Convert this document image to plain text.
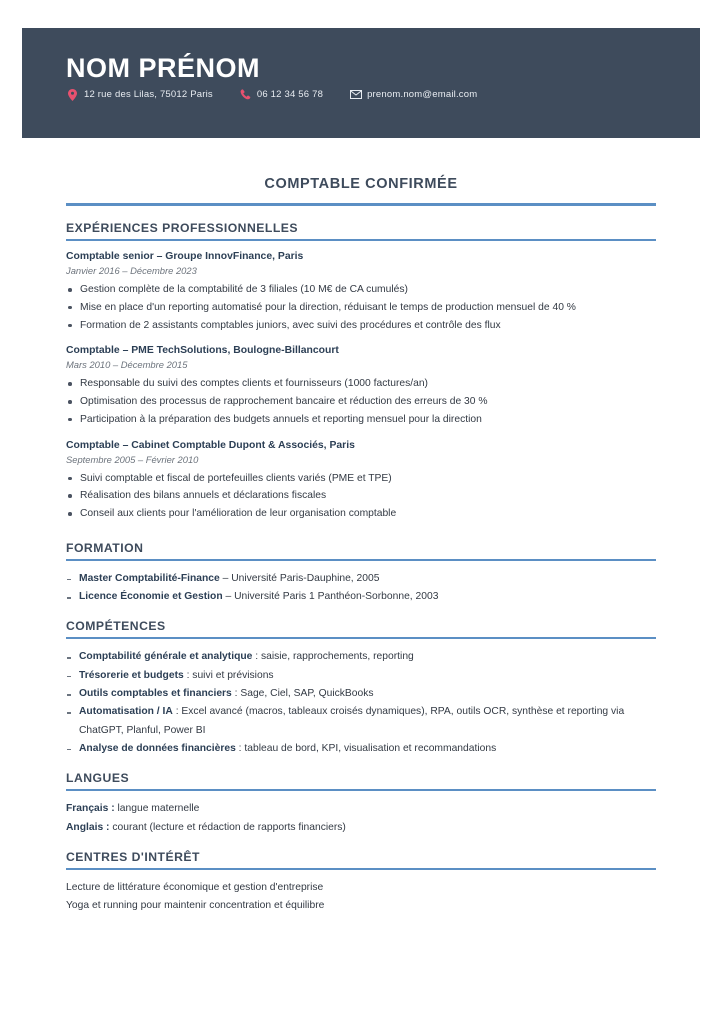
NOM PRÉNOM
12 rue des Lilas, 75012 Paris	06 12 34 56 78	prenom.nom@email.com
COMPTABLE CONFIRMÉE
EXPÉRIENCES PROFESSIONNELLES
Comptable senior – Groupe InnovFinance, Paris
Janvier 2016 – Décembre 2023
Gestion complète de la comptabilité de 3 filiales (10 M€ de CA cumulés)
Mise en place d'un reporting automatisé pour la direction, réduisant le temps de production mensuel de 40 %
Formation de 2 assistants comptables juniors, avec suivi des procédures et contrôle des flux
Comptable – PME TechSolutions, Boulogne-Billancourt
Mars 2010 – Décembre 2015
Responsable du suivi des comptes clients et fournisseurs (1000 factures/an)
Optimisation des processus de rapprochement bancaire et réduction des erreurs de 30 %
Participation à la préparation des budgets annuels et reporting mensuel pour la direction
Comptable – Cabinet Comptable Dupont & Associés, Paris
Septembre 2005 – Février 2010
Suivi comptable et fiscal de portefeuilles clients variés (PME et TPE)
Réalisation des bilans annuels et déclarations fiscales
Conseil aux clients pour l'amélioration de leur organisation comptable
FORMATION
Master Comptabilité-Finance – Université Paris-Dauphine, 2005
Licence Économie et Gestion – Université Paris 1 Panthéon-Sorbonne, 2003
COMPÉTENCES
Comptabilité générale et analytique : saisie, rapprochements, reporting
Trésorerie et budgets : suivi et prévisions
Outils comptables et financiers : Sage, Ciel, SAP, QuickBooks
Automatisation / IA : Excel avancé (macros, tableaux croisés dynamiques), RPA, outils OCR, synthèse et reporting via ChatGPT, Planful, Power BI
Analyse de données financières : tableau de bord, KPI, visualisation et recommandations
LANGUES
Français : langue maternelle
Anglais : courant (lecture et rédaction de rapports financiers)
CENTRES D'INTÉRÊT
Lecture de littérature économique et gestion d'entreprise
Yoga et running pour maintenir concentration et équilibre
